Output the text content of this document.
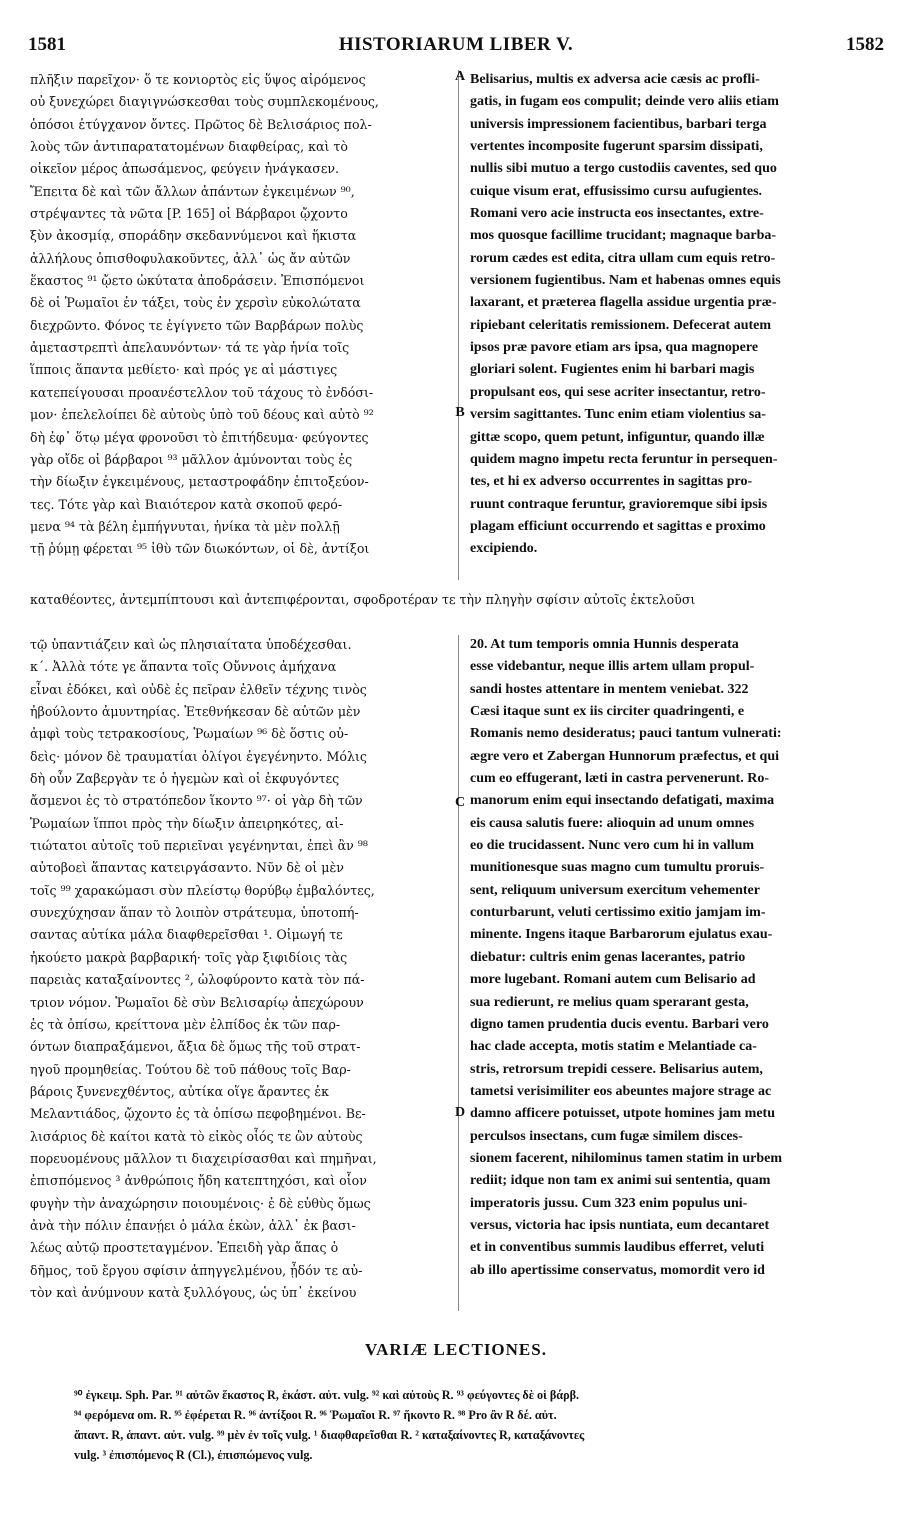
1581	HISTORIARUM LIBER V.	1582
A
B
C
D
πλῆξιν παρεῖχον· ὅ τε κονιορτὸς εἰς ὕψος αἰρόμενος
οὐ ξυνεχώρει διαγιγνώσκεσθαι τοὺς συμπλεκομένους,
ὁπόσοι ἐτύγχανον ὄντες. Πρῶτος δὲ Βελισάριος πολ-
λοὺς τῶν ἀντιπαρατατομένων διαφθείρας, καὶ τὸ
οἰκεῖον μέρος ἀπωσάμενος, φεύγειν ἠνάγκασεν.
Ἔπειτα δὲ καὶ τῶν ἄλλων ἁπάντων ἐγκειμένων ⁹⁰,
στρέψαντες τὰ νῶτα [P. 165] οἱ Βάρβαροι ᾤχοντο
ξὺν ἀκοσμίᾳ, σποράδην σκεδαννύμενοι καὶ ἥκιστα
ἀλλήλους ὀπισθοφυλακοῦντες, ἀλλ᾽ ὡς ἄν αὐτῶν
ἕκαστος ⁹¹ ᾤετο ὠκύτατα ἀποδράσειν. Ἐπισπόμενοι
δὲ οἱ Ῥωμαῖοι ἐν τάξει, τοὺς ἐν χερσὶν εὐκολώτατα
διεχρῶντο. Φόνος τε ἐγίγνετο τῶν Βαρβάρων πολὺς
ἀμεταστρεπτὶ ἀπελαυνόντων· τά τε γὰρ ἡνία τοῖς
ἵπποις ἅπαντα μεθίετο· καὶ πρός γε αἱ μάστιγες
κατεπείγουσαι προανέστελλον τοῦ τάχους τὸ ἐνδόσι-
μον· ἐπελελοίπει δὲ αὐτοὺς ὑπὸ τοῦ δέους καὶ αὐτὸ ⁹²
δὴ ἐφ᾽ ὅτῳ μέγα φρονοῦσι τὸ ἐπιτήδευμα· φεύγοντες
γὰρ οἴδε οἱ βάρβαροι ⁹³ μᾶλλον ἀμύνονται τοὺς ἐς
τὴν δίωξιν ἐγκειμένους, μεταστροφάδην ἐπιτοξεύον-
τες. Τότε γὰρ καὶ Βιαιότερον κατὰ σκοποῦ φερό-
μενα ⁹⁴ τὰ βέλη ἐμπήγνυται, ἡνίκα τὰ μὲν πολλῇ
τῇ ῥύμῃ φέρεται ⁹⁵ ἰθὺ τῶν διωκόντων, οἱ δὲ, ἀντίξοι
Belisarius, multis ex adversa acie cæsis ac profli-
gatis, in fugam eos compulit; deinde vero aliis etiam
universis impressionem facientibus, barbari terga
vertentes incomposite fugerunt sparsim dissipati,
nullis sibi mutuo a tergo custodiis caventes, sed quo
cuique visum erat, effusissimo cursu aufugientes.
Romani vero acie instructa eos insectantes, extre-
mos quosque facillime trucidant; magnaque barba-
rorum cædes est edita, citra ullam cum equis retro-
versionem fugientibus. Nam et habenas omnes equis
laxarant, et præterea flagella assidue urgentia præ-
ripiebant celeritatis remissionem. Defecerat autem
ipsos præ pavore etiam ars ipsa, qua magnopere
gloriari solent. Fugientes enim hi barbari magis
propulsant eos, qui sese acriter insectantur, retro-
versim sagittantes. Tunc enim etiam violentius sa-
gittæ scopo, quem petunt, infiguntur, quando illæ
quidem magno impetu recta feruntur in persequen-
tes, et hi ex adverso occurrentes in sagittas pro-
ruunt contraque feruntur, gravioremque sibi ipsis
plagam efficiunt occurrendo et sagittas e proximo
excipiendo.
καταθέοντες, ἀντεμπίπτουσι καὶ ἀντεπιφέρονται, σφοδροτέραν τε τὴν πληγὴν σφίσιν αὐτοῖς ἐκτελοῦσι
τῷ ὑπαντιάζειν καὶ ὡς πλησιαίτατα ὑποδέχεσθαι.
κ΄. Ἀλλὰ τότε γε ἅπαντα τοῖς Οὔννοις ἀμήχανα
εἶναι ἐδόκει, καὶ οὐδὲ ἐς πεῖραν ἐλθεῖν τέχνης τινὸς
ἠβούλοντο ἀμυντηρίας. Ἐτεθνήκεσαν δὲ αὐτῶν μὲν
ἀμφὶ τοὺς τετρακοσίους, Ῥωμαίων ⁹⁶ δὲ ὅστις οὐ-
δεὶς· μόνον δὲ τραυματίαι ὀλίγοι ἐγεγένηντο. Μόλις
δὴ οὖν Ζαβεργὰν τε ὁ ἡγεμὼν καὶ οἱ ἐκφυγόντες
ἄσμενοι ἐς τὸ στρατόπεδον ἵκοντο ⁹⁷· οἱ γὰρ δὴ τῶν
Ῥωμαίων ἵπποι πρὸς τὴν δίωξιν ἀπειρηκότες, αἰ-
τιώτατοι αὐτοῖς τοῦ περιεῖναι γεγένηνται, ἐπεὶ ἂν ⁹⁸
αὐτοβοεὶ ἅπαντας κατειργάσαντο. Νῦν δὲ οἱ μὲν
τοῖς ⁹⁹ χαρακώμασι σὺν πλείστῳ θορύβῳ ἐμβαλόντες,
συνεχύχησαν ἅπαν τὸ λοιπὸν στράτευμα, ὑποτοπή-
σαντας αὐτίκα μάλα διαφθερεῖσθαι ¹. Οἰμωγή τε
ἠκούετο μακρὰ βαρβαρική· τοῖς γὰρ ξιφιδίοις τὰς
παρειὰς καταξαίνοντες ², ὠλοφύροντο κατὰ τὸν πά-
τριον νόμον. Ῥωμαῖοι δὲ σὺν Βελισαρίῳ ἀπεχώρουν
ἐς τὰ ὀπίσω, κρείττονα μὲν ἐλπίδος ἐκ τῶν παρ-
όντων διαπραξάμενοι, ἄξια δὲ ὅμως τῆς τοῦ στρατ-
ηγοῦ προμηθείας. Τούτου δὲ τοῦ πάθους τοῖς Βαρ-
βάροις ξυνενεχθέντος, αὐτίκα οἵγε ἄραντες ἐκ
Μελαντιάδος, ᾤχοντο ἐς τὰ ὀπίσω πεφοβημένοι. Βε-
λισάριος δὲ καίτοι κατὰ τὸ εἰκὸς οἷός τε ὢν αὐτοὺς
πορευομένους μᾶλλον τι διαχειρίσασθαι καὶ πημῆναι,
ἐπισπόμενος ³ ἀνθρώποις ἤδη κατεπτηχόσι, καὶ οἷον
φυγὴν τὴν ἀναχώρησιν ποιουμένοις· ἐ δὲ εὐθὺς ὅμως
ἀνὰ τὴν πόλιν ἐπανῄει ὁ μάλα ἑκὼν, ἀλλ᾽ ἐκ βασι-
λέως αὐτῷ προστεταγμένον. Ἐπειδὴ γὰρ ἅπας ὁ
δῆμος, τοῦ ἔργου σφίσιν ἀπηγγελμένου, ᾖδόν τε αὐ-
τὸν καὶ ἀνύμνουν κατὰ ξυλλόγους, ὡς ὑπ᾽ ἐκείνου
20. At tum temporis omnia Hunnis desperata
esse videbantur, neque illis artem ullam propul-
sandi hostes attentare in mentem veniebat. 322
Cæsi itaque sunt ex iis circiter quadringenti, e
Romanis nemo desideratus; pauci tantum vulnerati:
ægre vero et Zabergan Hunnorum præfectus, et qui
cum eo effugerant, læti in castra pervenerunt. Ro-
manorum enim equi insectando defatigati, maxima
eis causa salutis fuere: alioquin ad unum omnes
eo die trucidassent. Nunc vero cum hi in vallum
munitionesque suas magno cum tumultu proruis-
sent, reliquum universum exercitum vehementer
conturbarunt, veluti certissimo exitio jamjam im-
minente. Ingens itaque Barbarorum ejulatus exau-
diebatur: cultris enim genas lacerantes, patrio
more lugebant. Romani autem cum Belisario ad
sua redierunt, re melius quam sperarant gesta,
digno tamen prudentia ducis eventu. Barbari vero
hac clade accepta, motis statim e Melantiade ca-
stris, retrorsum trepidi cessere. Belisarius autem,
tametsi verisimiliter eos abeuntes majore strage ac
damno afficere potuisset, utpote homines jam metu
perculsos insectans, cum fugæ similem disces-
sionem facerent, nihilominus tamen statim in urbem
rediit; idque non tam ex animi sui sententia, quam
imperatoris jussu. Cum 323 enim populus uni-
versus, victoria hac ipsis nuntiata, eum decantaret
et in conventibus summis laudibus efferret, veluti
ab illo apertissime conservatus, momordit vero id
VARIÆ LECTIONES.
⁹⁰ ἐγκειμ. Sph. Par. ⁹¹ αὐτῶν ἕκαστος R, ἑκάστ. αὐτ. vulg. ⁹² καὶ αὐτοὺς R. ⁹³ φεύγοντες δὲ οἱ βάρβ.
⁹⁴ φερόμενα om. R. ⁹⁵ ἐφέρεται R. ⁹⁶ ἀντίξοοι R. ⁹⁶ Ῥωμαῖοι R. ⁹⁷ ἥκοντο R. ⁹⁸ Pro ἂν R δέ. αὐτ.
ἅπαντ. R, ἁπαντ. αὐτ. vulg. ⁹⁹ μὲν ἐν τοῖς vulg. ¹ διαφθαρεῖσθαι R. ² καταξαίνοντες R, καταξάνοντες
vulg. ³ ἐπισπόμενος R (Cl.), ἐπισπώμενος vulg.
